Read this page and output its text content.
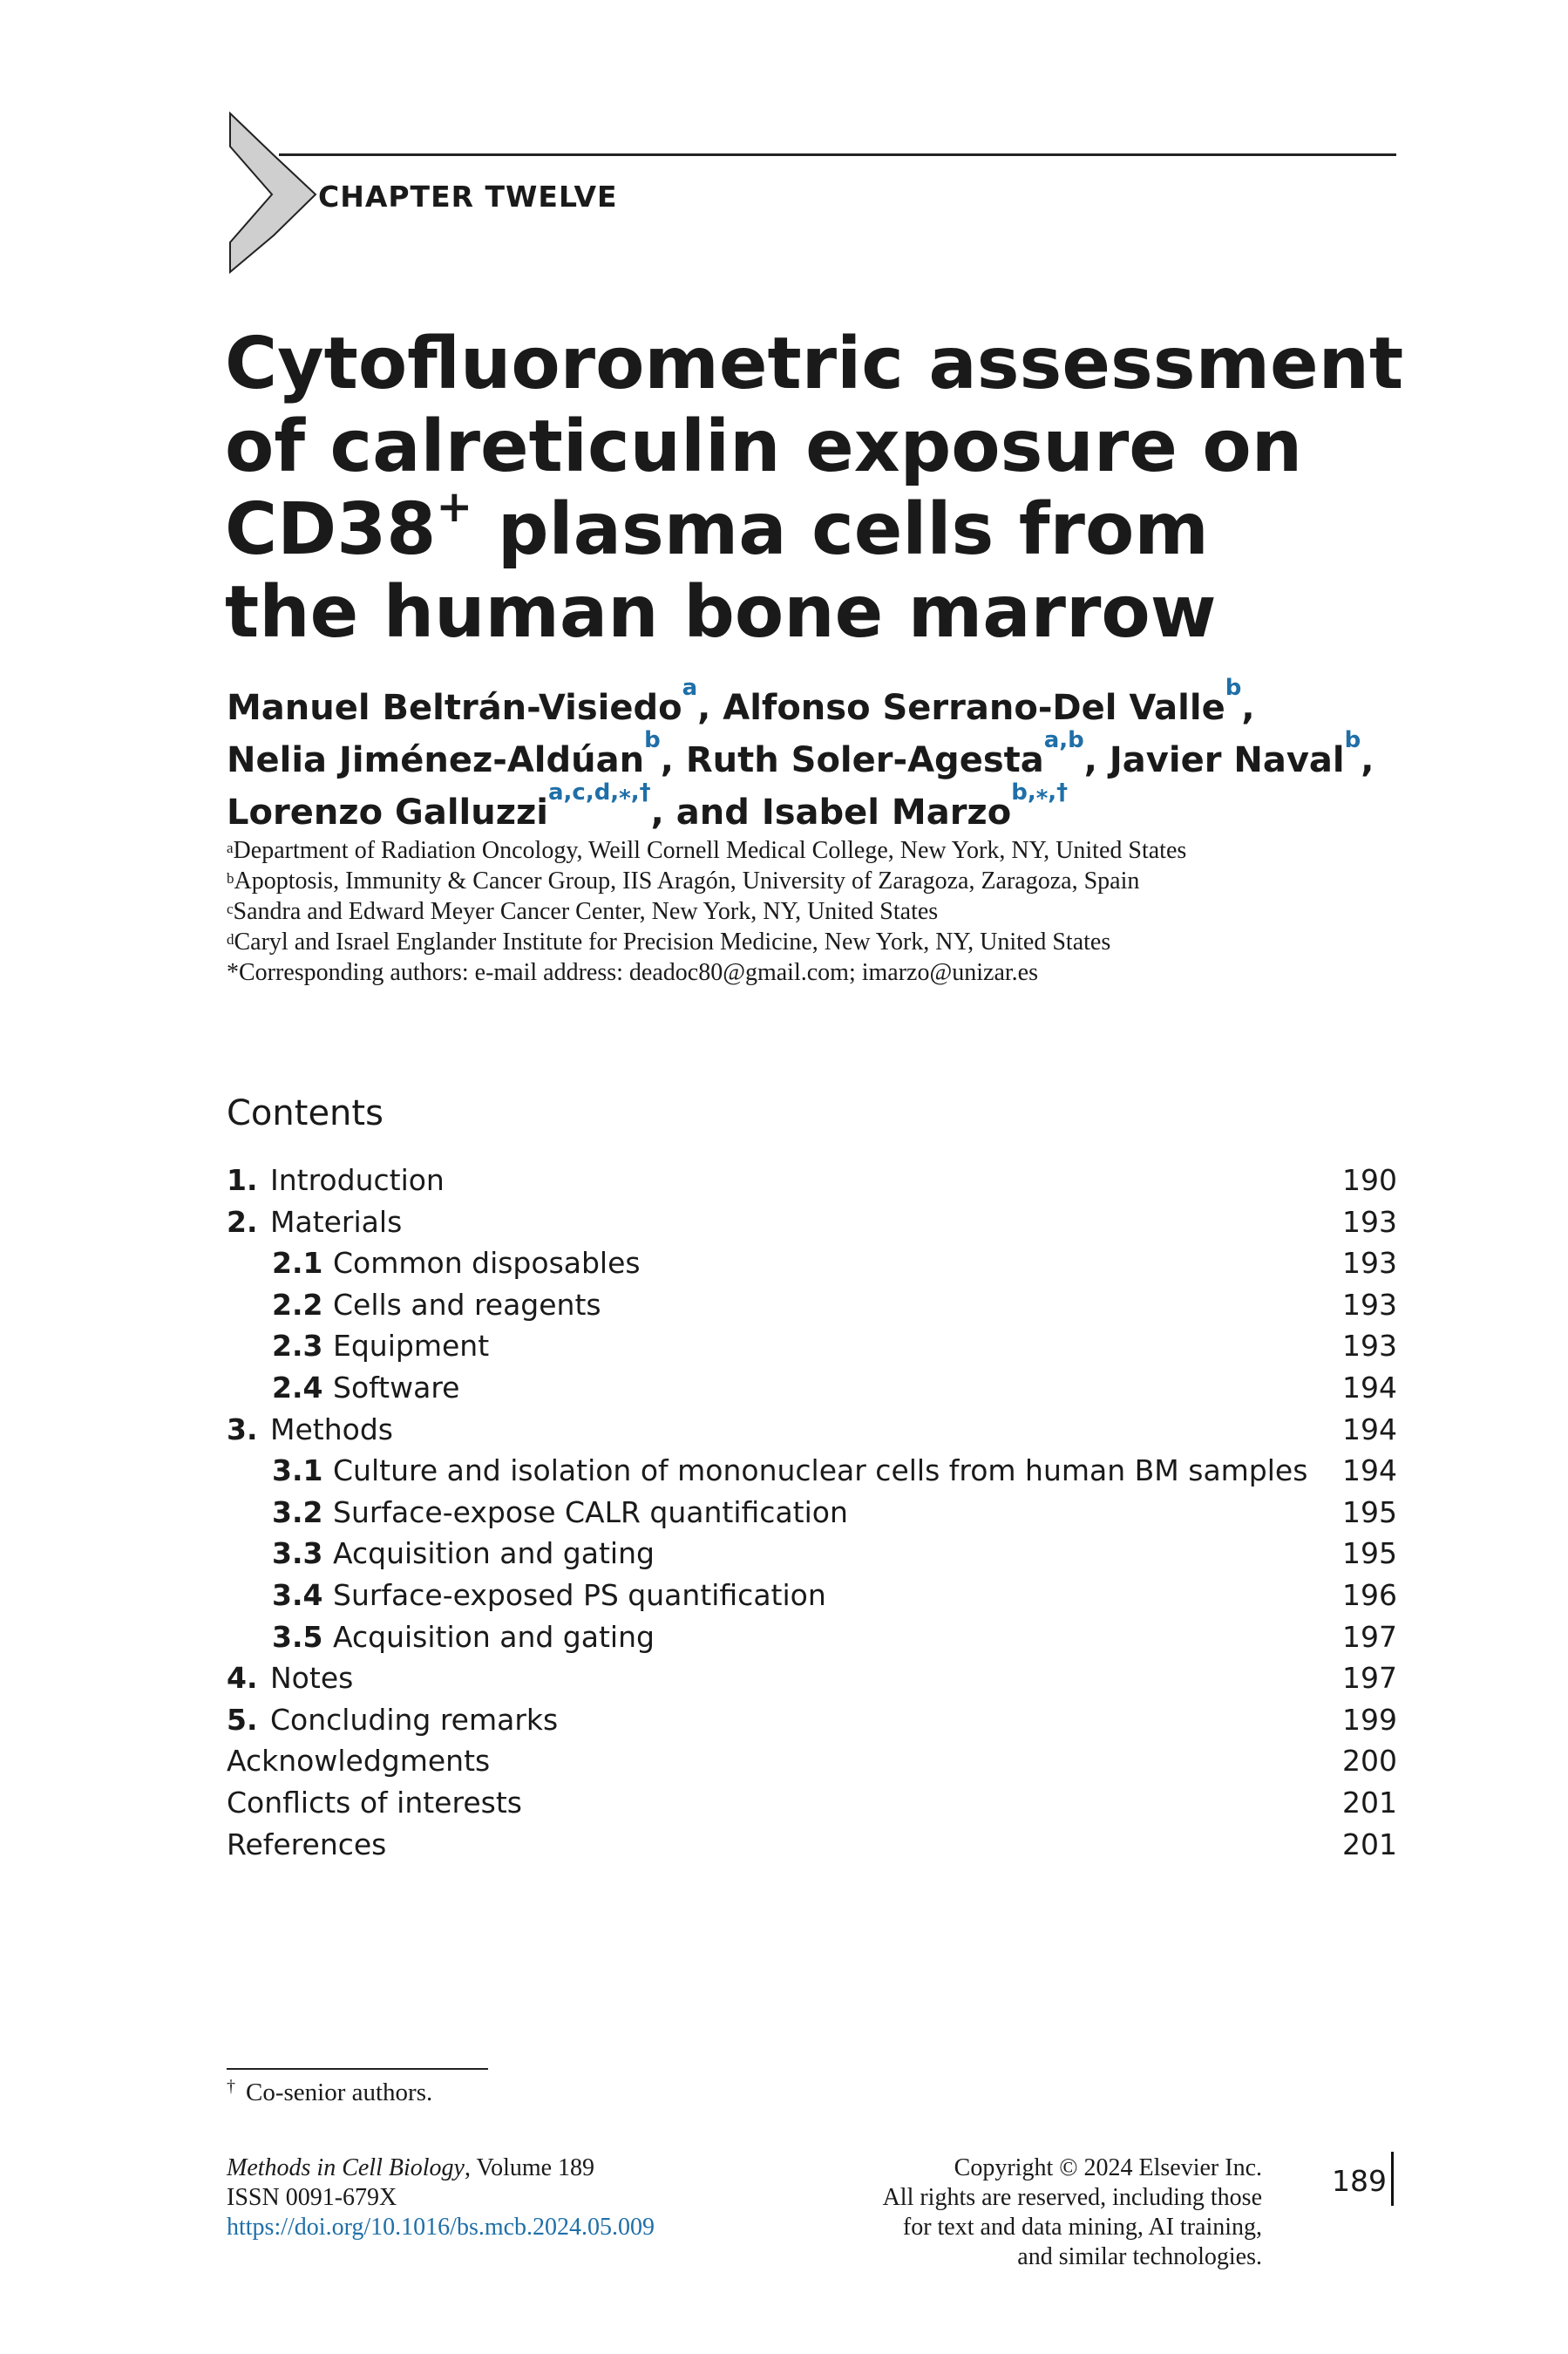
CHAPTER TWELVE
Cytofluorometric assessment
of calreticulin exposure on
CD38+ plasma cells from
the human bone marrow
Manuel Beltrán-Visiedo$^a$, Alfonso Serrano-Del Valle$^b$,
Nelia Jiménez-Aldúan$^b$, Ruth Soler-Agesta$^{a,b}$, Javier Naval$^b$,
Lorenzo Galluzzi$^{a,c,d,⁎,\dagger}$, and Isabel Marzo$^{b,⁎,\dagger}$
$^a$Department of Radiation Oncology, Weill Cornell Medical College, New York, NY, United States
$^b$Apoptosis, Immunity & Cancer Group, IIS Aragón, University of Zaragoza, Zaragoza, Spain
$^c$Sandra and Edward Meyer Cancer Center, New York, NY, United States
$^d$Caryl and Israel Englander Institute for Precision Medicine, New York, NY, United States
*Corresponding authors: e-mail address: deadoc80@gmail.com; imarzo@unizar.es
Contents
1. Introduction	190
2. Materials	193
2.1 Common disposables	193
2.2 Cells and reagents	193
2.3 Equipment	193
2.4 Software	194
3. Methods	194
3.1 Culture and isolation of mononuclear cells from human BM samples 194
3.2 Surface-expose CALR quantification	195
3.3 Acquisition and gating	195
3.4 Surface-exposed PS quantification	196
3.5 Acquisition and gating	197
4. Notes	197
5. Concluding remarks	199
Acknowledgments	200
Conflicts of interests	201
References	201
† Co-senior authors.
Methods in Cell Biology, Volume 189
ISSN 0091-679X
https://doi.org/10.1016/bs.mcb.2024.05.009
Copyright © 2024 Elsevier Inc.
All rights are reserved, including those
for text and data mining, AI training,
and similar technologies.
189
